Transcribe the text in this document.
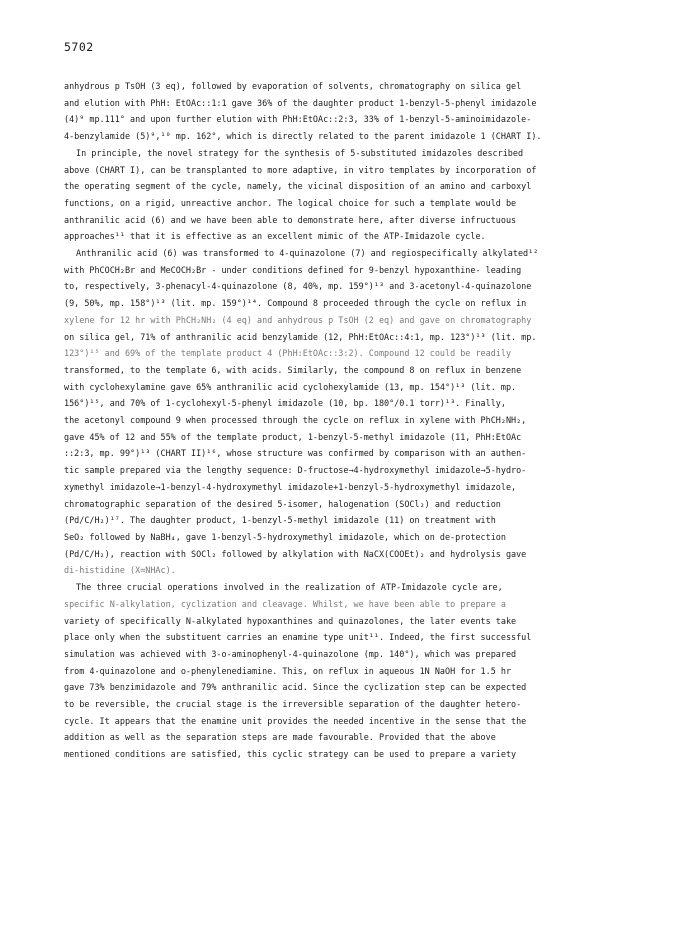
5702
anhydrous p TsOH (3 eq), followed by evaporation of solvents, chromatography on silica gel
and elution with PhH: EtOAc::1:1 gave 36% of the daughter product 1-benzyl-5-phenyl imidazole
(4)⁹ mp.111° and upon further elution with PhH:EtOAc::2:3, 33% of 1-benzyl-5-aminoimidazole-
4-benzylamide (5)⁹,¹⁰ mp. 162°, which is directly related to the parent imidazole 1 (CHART I).
In principle, the novel strategy for the synthesis of 5-substituted imidazoles described
above (CHART I), can be transplanted to more adaptive, in vitro templates by incorporation of
the operating segment of the cycle, namely, the vicinal disposition of an amino and carboxyl
functions, on a rigid, unreactive anchor. The logical choice for such a template would be
anthranilic acid (6) and we have been able to demonstrate here, after diverse infructuous
approaches¹¹ that it is effective as an excellent mimic of the ATP-Imidazole cycle.
Anthranilic acid (6) was transformed to 4-quinazolone (7) and regiospecifically alkylated¹²
with PhCOCH₂Br and MeCOCH₂Br - under conditions defined for 9-benzyl hypoxanthine- leading
to, respectively, 3-phenacyl-4-quinazolone (8, 40%, mp. 159°)¹³ and 3-acetonyl-4-quinazolone
(9, 50%, mp. 158°)¹³ (lit. mp. 159°)¹⁴. Compound 8 proceeded through the cycle on reflux in
xylene for 12 hr with PhCH₂NH₂ (4 eq) and anhydrous p TsOH (2 eq) and gave on chromatography
on silica gel, 71% of anthranilic acid benzylamide (12, PhH:EtOAc::4:1, mp. 123°)¹³ (lit. mp.
123°)¹⁵ and 69% of the template product 4 (PhH:EtOAc::3:2). Compound 12 could be readily
transformed, to the template 6, with acids. Similarly, the compound 8 on reflux in benzene
with cyclohexylamine gave 65% anthranilic acid cyclohexylamide (13, mp. 154°)¹³ (lit. mp.
156°)¹⁵, and 70% of 1-cyclohexyl-5-phenyl imidazole (10, bp. 180°/0.1 torr)¹³. Finally,
the acetonyl compound 9 when processed through the cycle on reflux in xylene with PhCH₂NH₂,
gave 45% of 12 and 55% of the template product, 1-benzyl-5-methyl imidazole (11, PhH:EtOAc
::2:3, mp. 99°)¹³ (CHART II)¹⁶, whose structure was confirmed by comparison with an authen-
tic sample prepared via the lengthy sequence: D-fructose→4-hydroxymethyl imidazole→5-hydro-
xymethyl imidazole→1-benzyl-4-hydroxymethyl imidazole+1-benzyl-5-hydroxymethyl imidazole,
chromatographic separation of the desired 5-isomer, halogenation (SOCl₂) and reduction
(Pd/C/H₂)¹⁷. The daughter product, 1-benzyl-5-methyl imidazole (11) on treatment with
SeO₂ followed by NaBH₄, gave 1-benzyl-5-hydroxymethyl imidazole, which on de-protection
(Pd/C/H₂), reaction with SOCl₂ followed by alkylation with NaCX(COOEt)₂ and hydrolysis gave
di-histidine (X=NHAc).
The three crucial operations involved in the realization of ATP-Imidazole cycle are,
specific N-alkylation, cyclization and cleavage. Whilst, we have been able to prepare a
variety of specifically N-alkylated hypoxanthines and quinazolones, the later events take
place only when the substituent carries an enamine type unit¹¹. Indeed, the first successful
simulation was achieved with 3-o-aminophenyl-4-quinazolone (mp. 140°), which was prepared
from 4-quinazolone and o-phenylenediamine. This, on reflux in aqueous 1N NaOH for 1.5 hr
gave 73% benzimidazole and 79% anthranilic acid. Since the cyclization step can be expected
to be reversible, the crucial stage is the irreversible separation of the daughter hetero-
cycle. It appears that the enamine unit provides the needed incentive in the sense that the
addition as well as the separation steps are made favourable. Provided that the above
mentioned conditions are satisfied, this cyclic strategy can be used to prepare a variety
